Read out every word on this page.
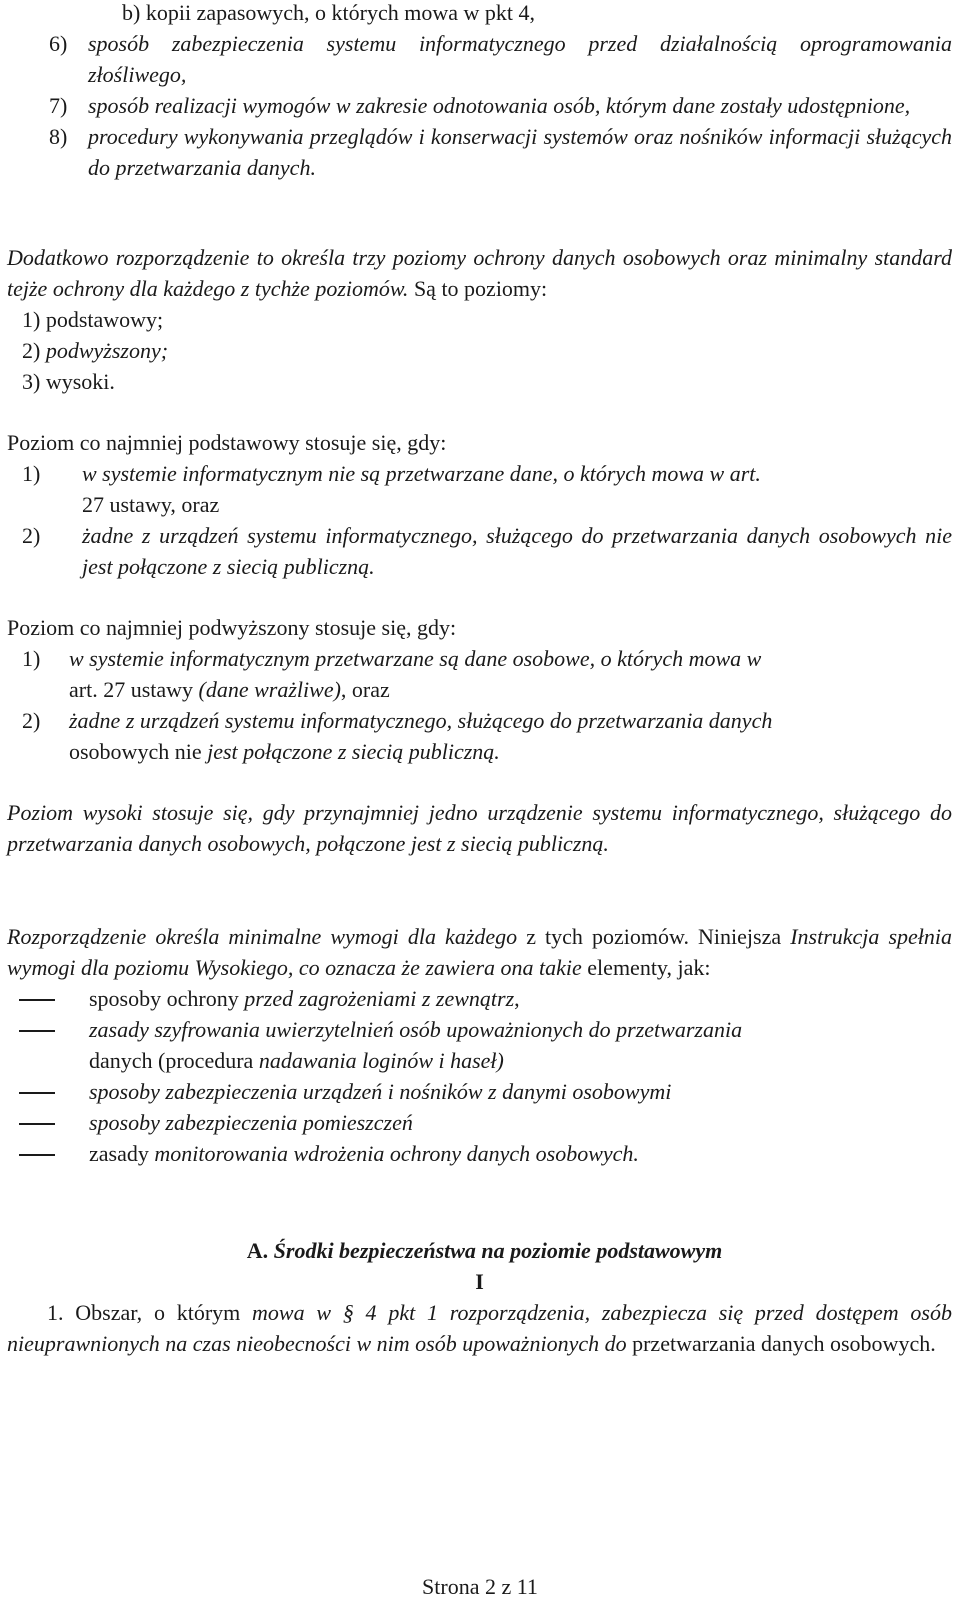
b) kopii zapasowych, o których mowa w pkt 4,
6) sposób zabezpieczenia systemu informatycznego przed działalnością oprogramowania złośliwego,
7) sposób realizacji wymogów w zakresie odnotowania osób, którym dane zostały udostępnione,
8) procedury wykonywania przeglądów i konserwacji systemów oraz nośników informacji służących do przetwarzania danych.
Dodatkowo rozporządzenie to określa trzy poziomy ochrony danych osobowych oraz minimalny standard tejże ochrony dla każdego z tychże poziomów. Są to poziomy:
1) podstawowy;
2) podwyższony;
3) wysoki.
Poziom co najmniej podstawowy stosuje się, gdy:
1)	w systemie informatycznym nie są przetwarzane dane, o których mowa w art.
27 ustawy, oraz
2)	żadne z urządzeń systemu informatycznego, służącego do przetwarzania danych osobowych nie jest połączone z siecią publiczną.
Poziom co najmniej podwyższony stosuje się, gdy:
1)	w systemie informatycznym przetwarzane są dane osobowe, o których mowa w
art. 27 ustawy (dane wrażliwe), oraz
2)	żadne z urządzeń systemu informatycznego, służącego do przetwarzania danych
osobowych nie jest połączone z siecią publiczną.
Poziom wysoki stosuje się, gdy przynajmniej jedno urządzenie systemu informatycznego, służącego do przetwarzania danych osobowych, połączone jest z siecią publiczną.
Rozporządzenie określa minimalne wymogi dla każdego z tych poziomów. Niniejsza Instrukcja spełnia wymogi dla poziomu Wysokiego, co oznacza że zawiera ona takie elementy, jak:
sposoby ochrony przed zagrożeniami z zewnątrz,
zasady szyfrowania uwierzytelnień osób upoważnionych do przetwarzania
danych (procedura nadawania loginów i haseł)
sposoby zabezpieczenia urządzeń i nośników z danymi osobowymi
sposoby zabezpieczenia pomieszczeń
zasady monitorowania wdrożenia ochrony danych osobowych.
A. Środki bezpieczeństwa na poziomie podstawowym
I
1. Obszar, o którym mowa w § 4 pkt 1 rozporządzenia, zabezpiecza się przed dostępem osób nieuprawnionych na czas nieobecności w nim osób upoważnionych do przetwarzania danych osobowych.
Strona 2 z 11
